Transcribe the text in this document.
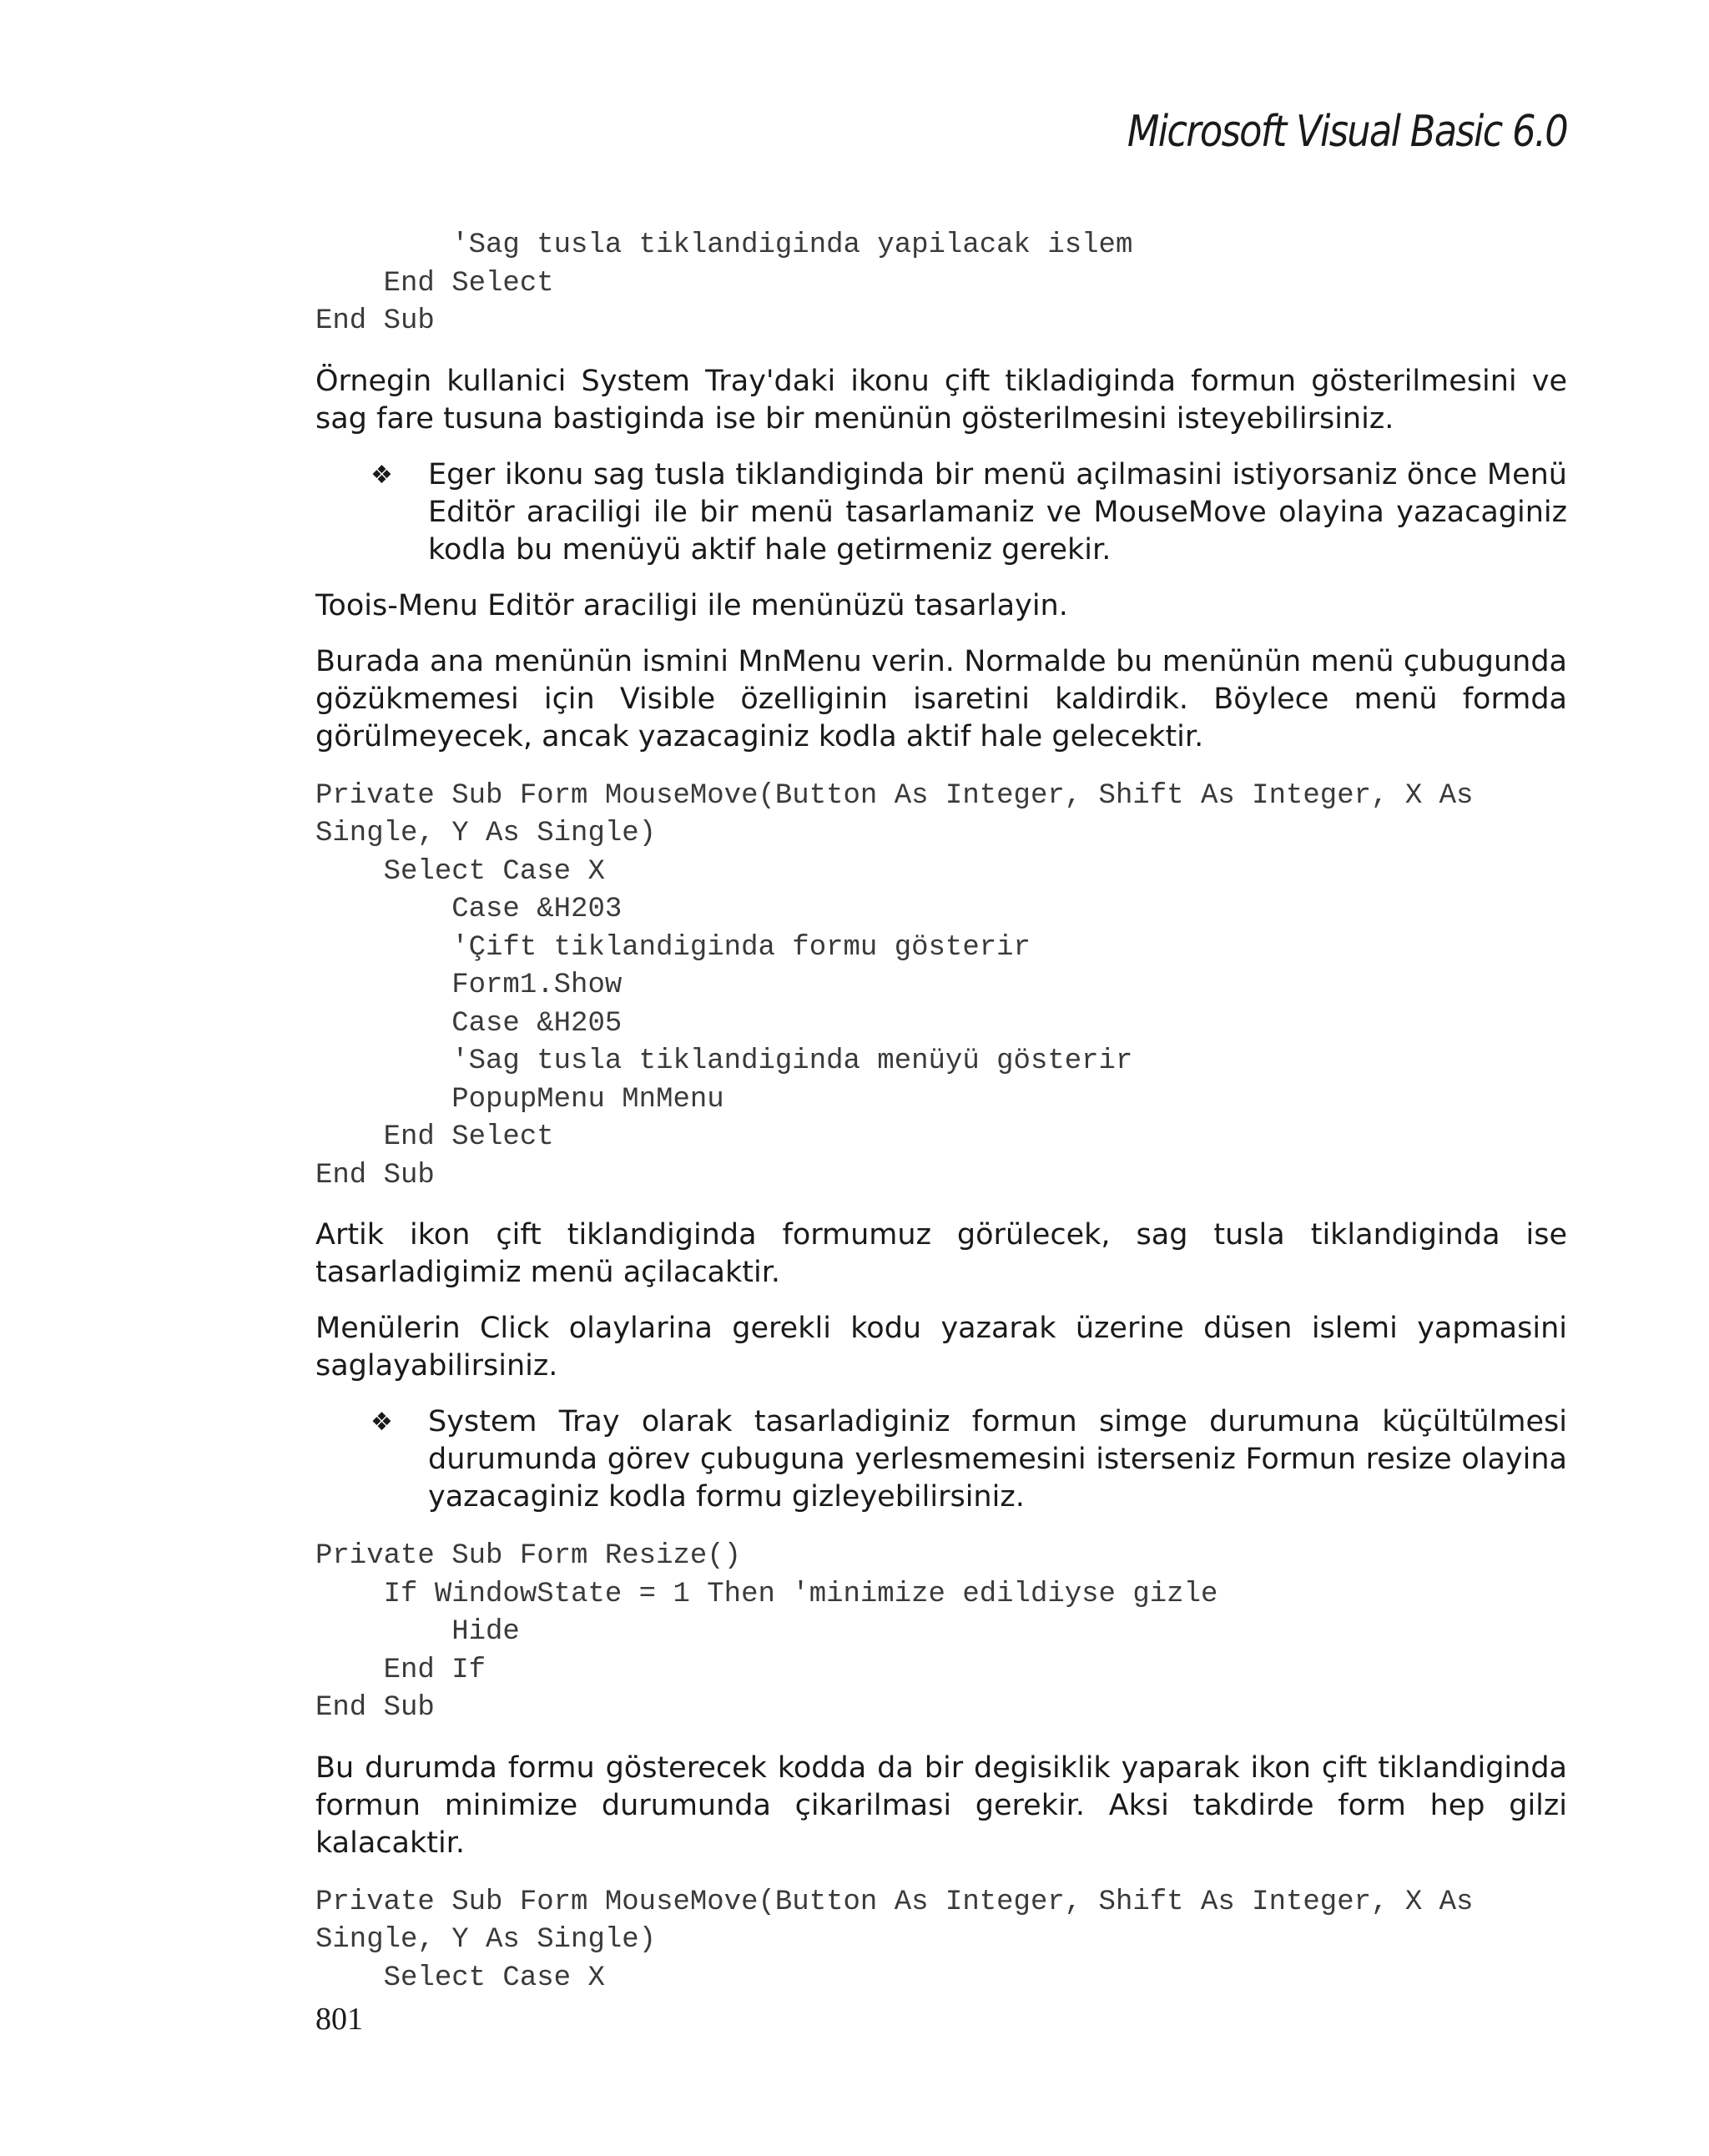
Microsoft Visual Basic 6.0
'Sag tusla tiklandiginda yapilacak islem
End Select
End Sub

Örnegin kullanici System Tray'daki ikonu çift tikladiginda formun gösterilmesini ve sag fare tusuna bastiginda ise bir menünün gösterilmesini isteyebilirsiniz.

❖ Eger ikonu sag tusla tiklandiginda bir menü açilmasini istiyorsaniz önce Menü Editör araciligi ile bir menü tasarlamaniz ve MouseMove olayina yazacaginiz kodla bu menüyü aktif hale getirmeniz gerekir.

Toois-Menu Editör araciligi ile menünüzü tasarlayin.

Burada ana menünün ismini MnMenu verin. Normalde bu menünün menü çubugunda gözükmemesi için Visible özelliginin isaretini kaldirdik. Böylece menü formda görülmeyecek, ancak yazacaginiz kodla aktif hale gelecektir.

Private Sub Form MouseMove(Button As Integer, Shift As Integer, X As
Single, Y As Single)
Select Case X
Case &H203
'Çift tiklandiginda formu gösterir
Form1.Show
Case &H205
'Sag tusla tiklandiginda menüyü gösterir
PopupMenu MnMenu
End Select
End Sub

Artik ikon çift tiklandiginda formumuz görülecek, sag tusla tiklandiginda ise tasarladigimiz menü açilacaktir.

Menülerin Click olaylarina gerekli kodu yazarak üzerine düsen islemi yapmasini saglayabilirsiniz.

❖ System Tray olarak tasarladiginiz formun simge durumuna küçültülmesi durumunda görev çubuguna yerlesmemesini isterseniz Formun resize olayina yazacaginiz kodla formu gizleyebilirsiniz.
Private Sub Form Resize()
If WindowState = 1 Then 'minimize edildiyse gizle
Hide
End If
End Sub

Bu durumda formu gösterecek kodda da bir degisiklik yaparak ikon çift tiklandiginda formun minimize durumunda çikarilmasi gerekir. Aksi takdirde form hep gilzi kalacaktir.

Private Sub Form MouseMove(Button As Integer, Shift As Integer, X As
Single, Y As Single)
Select Case X
801
